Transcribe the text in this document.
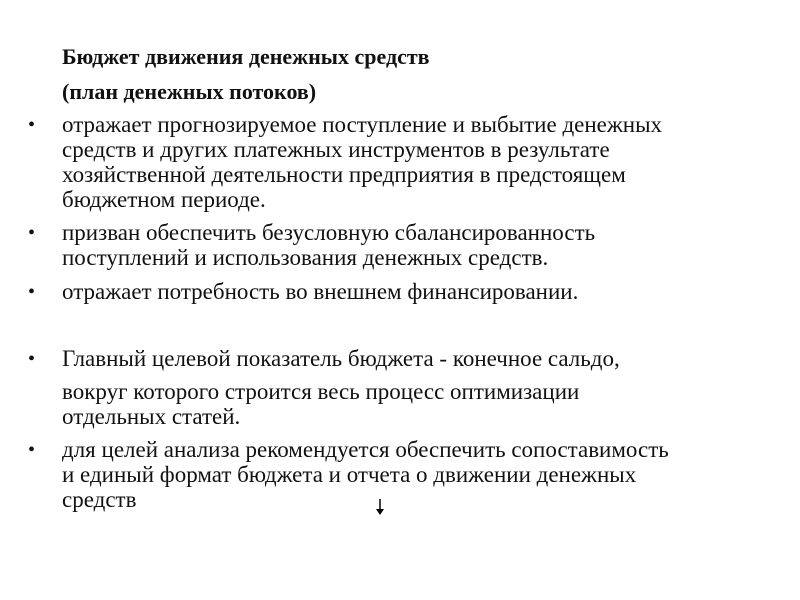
Бюджет движения денежных средств
(план денежных потоков)
• отражает прогнозируемое поступление и выбытие денежных
средств и других платежных инструментов в результате
хозяйственной деятельности предприятия в предстоящем
бюджетном периоде.
• призван обеспечить безусловную сбалансированность
поступлений и использования денежных средств.
• отражает потребность во внешнем финансировании.
• Главный целевой показатель бюджета - конечное сальдо,
вокруг которого строится весь процесс оптимизации
отдельных статей.
• для целей анализа рекомендуется обеспечить сопоставимость
и единый формат бюджета и отчета о движении денежных
средств
